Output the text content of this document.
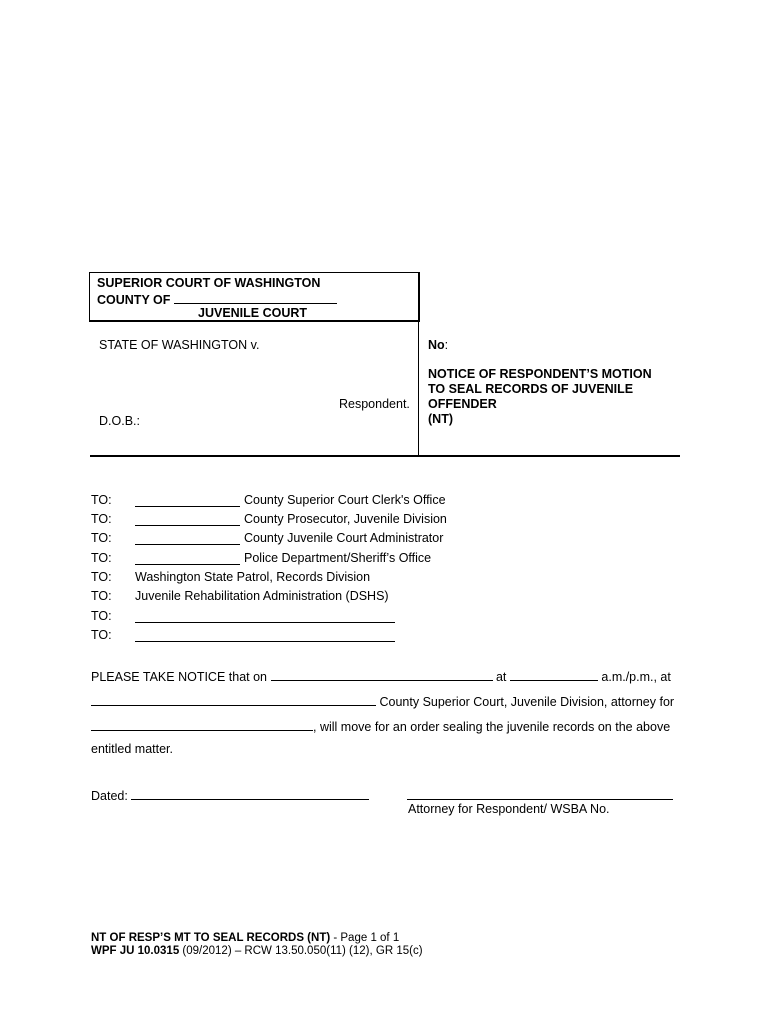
SUPERIOR COURT OF WASHINGTON
COUNTY OF
JUVENILE COURT
STATE OF WASHINGTON v.
Respondent.
D.O.B.:
No:
NOTICE OF RESPONDENT’S MOTION
TO SEAL RECORDS OF JUVENILE
OFFENDER
(NT)
TO:	County Superior Court Clerk's Office
TO:	County Prosecutor, Juvenile Division
TO:	County Juvenile Court Administrator
TO:	Police Department/Sheriff’s Office
TO: Washington State Patrol, Records Division
TO: Juvenile Rehabilitation Administration (DSHS)
TO:
TO:
PLEASE TAKE NOTICE that on	at	a.m./p.m., at
County Superior Court, Juvenile Division, attorney for
, will move for an order sealing the juvenile records on the above
entitled matter.
Dated:
Attorney for Respondent/ WSBA No.
NT OF RESP’S MT TO SEAL RECORDS (NT) - Page 1 of 1
WPF JU 10.0315 (09/2012) – RCW 13.50.050(11) (12), GR 15(c)
